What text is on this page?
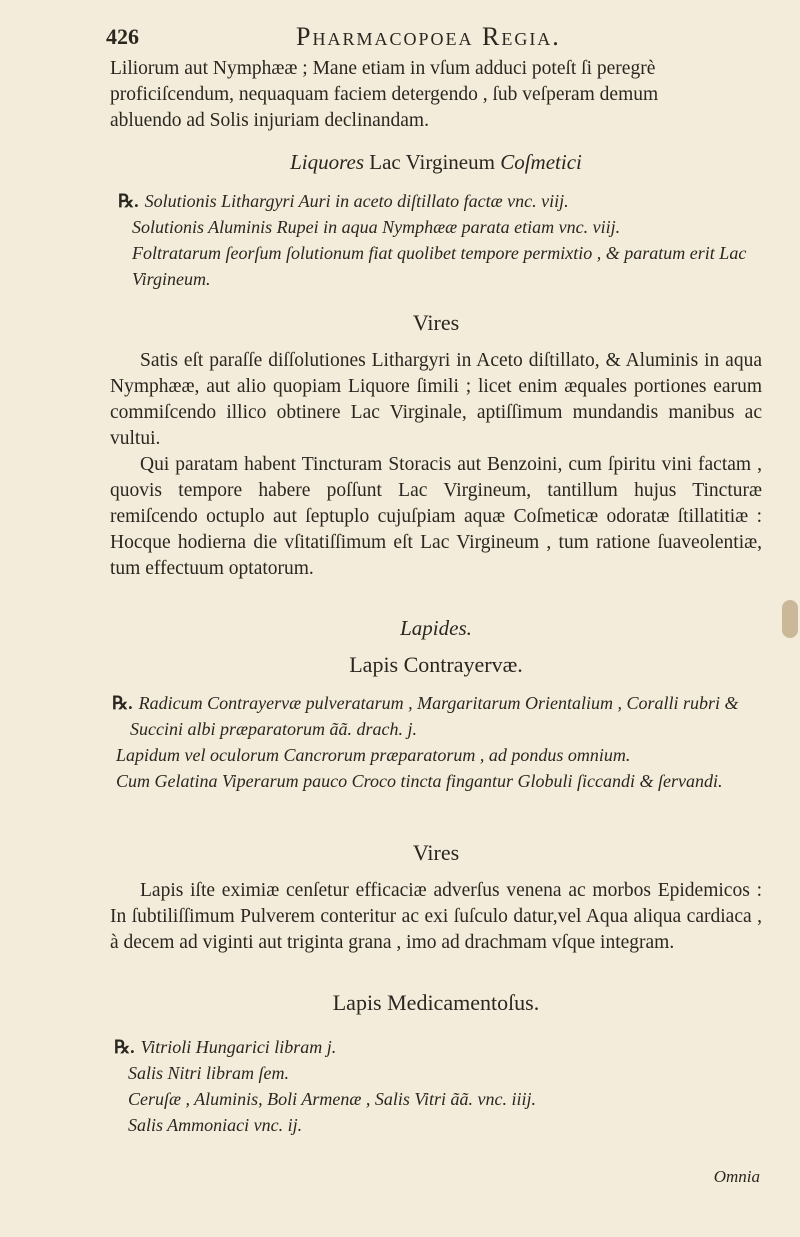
426	Pharmacopoea Regia.

Liliorum aut Nymphææ ; Mane etiam in vſum adduci poteſt ſi peregrè

proficiſcendum, nequaquam faciem detergendo , ſub veſperam demum

abluendo ad Solis injuriam declinandam.

Liquores Lac Virgineum Coſmetici

℞. Solutionis Lithargyri Auri in aceto diſtillato factæ vnc. viij.

Solutionis Aluminis Rupei in aqua Nymphææ parata etiam vnc. viij.

Foltratarum ſeorſum ſolutionum fiat quolibet tempore permixtio , & paratum erit Lac Virgineum.

Vires

Satis eſt paraſſe diſſolutiones Lithargyri in Aceto diſtillato, & Aluminis in aqua Nymphææ, aut alio quopiam Liquore ſimili ; licet enim æquales portiones earum commiſcendo illico obtinere Lac Virginale, aptiſſimum mundandis manibus ac vultui.

Qui paratam habent Tincturam Storacis aut Benzoini, cum ſpiritu vini factam , quovis tempore habere poſſunt Lac Virgineum, tantillum hujus Tincturæ remiſcendo octuplo aut ſeptuplo cujuſpiam aquæ Coſmeticæ odoratæ ſtillatitiæ : Hocque hodierna die vſitatiſſimum eſt Lac Virgineum , tum ratione ſuaveolentiæ, tum effectuum optatorum.

Lapides.
Lapis Contrayervæ.

℞. Radicum Contrayervæ pulveratarum , Margaritarum Orientalium , Coralli rubri & Succini albi præparatorum ãã. drach. j.

Lapidum vel oculorum Cancrorum præparatorum , ad pondus omnium.

Cum Gelatina Viperarum pauco Croco tincta fingantur Globuli ſiccandi & ſervandi.

Vires

Lapis iſte eximiæ cenſetur efficaciæ adverſus venena ac morbos Epidemicos : In ſubtiliſſimum Pulverem conteritur ac exi ſuſculo datur,vel Aqua aliqua cardiaca , à decem ad viginti aut triginta grana , imo ad drachmam vſque integram.

Lapis Medicamentoſus.

℞. Vitrioli Hungarici libram j.

Salis Nitri libram ſem.

Ceruſæ , Aluminis, Boli Armenæ , Salis Vitri ãã. vnc. iiij.

Salis Ammoniaci vnc. ij.

Omnia
